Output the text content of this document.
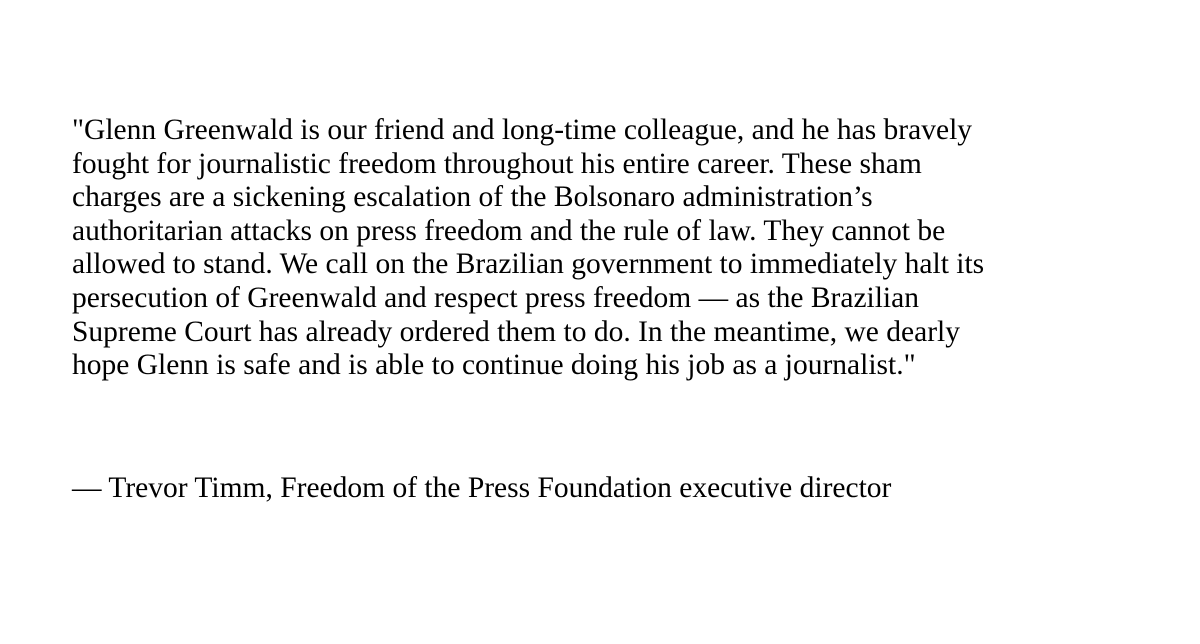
"Glenn Greenwald is our friend and long-time colleague, and he has bravely
fought for journalistic freedom throughout his entire career. These sham
charges are a sickening escalation of the Bolsonaro administration’s
authoritarian attacks on press freedom and the rule of law. They cannot be
allowed to stand. We call on the Brazilian government to immediately halt its
persecution of Greenwald and respect press freedom — as the Brazilian
Supreme Court has already ordered them to do. In the meantime, we dearly
hope Glenn is safe and is able to continue doing his job as a journalist."
— Trevor Timm, Freedom of the Press Foundation executive director
